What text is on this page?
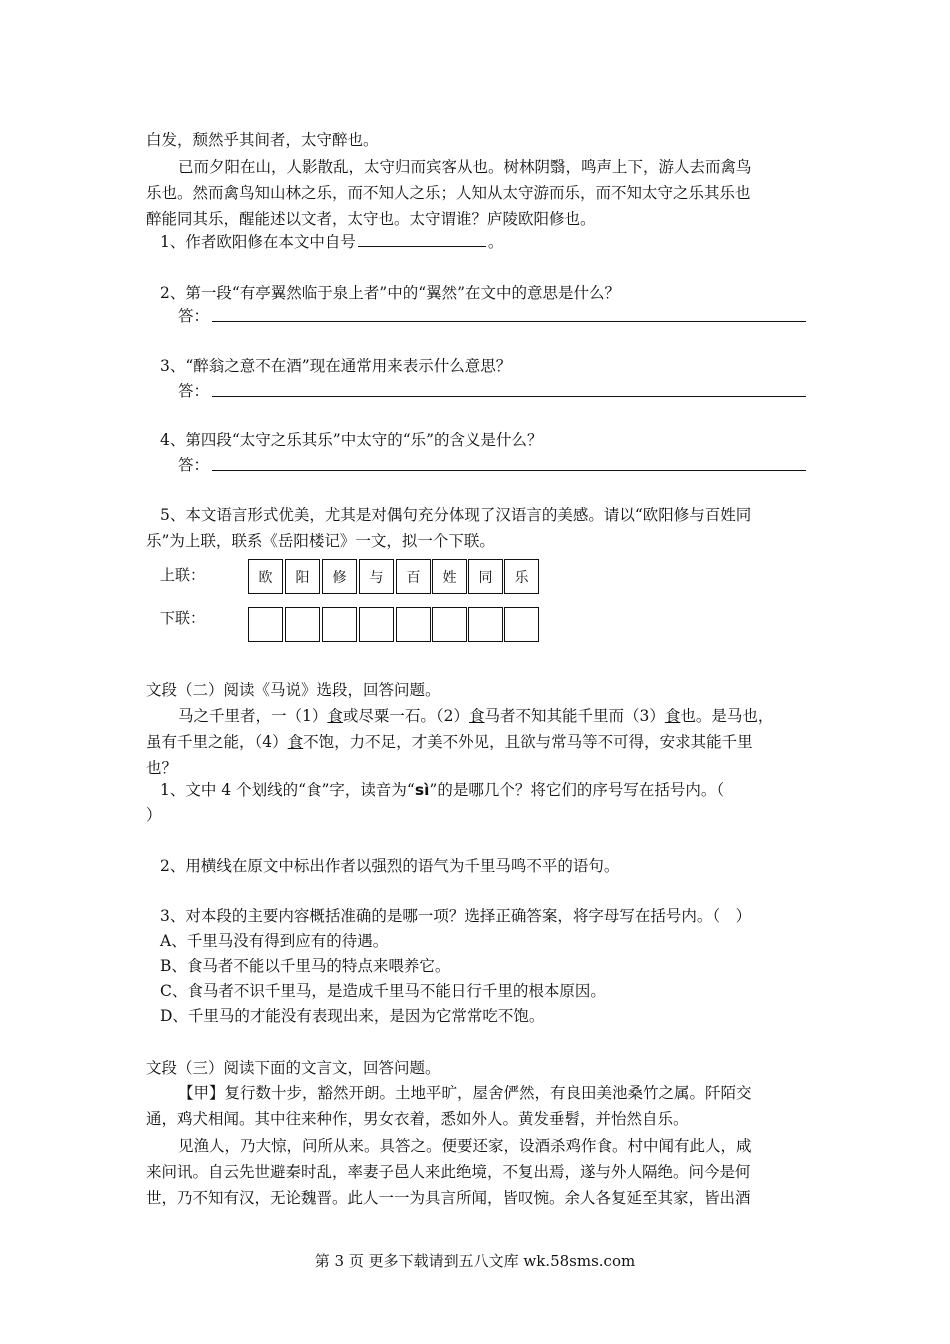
白发，颓然乎其间者，太守醉也。
已而夕阳在山，人影散乱，太守归而宾客从也。树林阴翳，鸣声上下，游人去而禽鸟
乐也。然而禽鸟知山林之乐，而不知人之乐；人知从太守游而乐，而不知太守之乐其乐也
醉能同其乐，醒能述以文者，太守也。太守谓谁？庐陵欧阳修也。
1、作者欧阳修在本文中自号	。
2、第一段“有亭翼然临于泉上者”中的“翼然”在文中的意思是什么？
答：
3、“醉翁之意不在酒”现在通常用来表示什么意思？
答：
4、第四段“太守之乐其乐”中太守的“乐”的含义是什么？
答：
5、本文语言形式优美，尤其是对偶句充分体现了汉语言的美感。请以“欧阳修与百姓同
乐”为上联，联系《岳阳楼记》一文，拟一个下联。
上联：
下联：
欧	阳	修	与	百	姓	同	乐
文段（二）阅读《马说》选段，回答问题。
马之千里者，一（1）食或尽粟一石。（2）食马者不知其能千里而（3）食也。是马也，
虽有千里之能，（4）食不饱，力不足，才美不外见，且欲与常马等不可得，安求其能千里
也？
1、文中 4 个划线的“食”字，读音为“sì”的是哪几个？将它们的序号写在括号内。（
）
2、用横线在原文中标出作者以强烈的语气为千里马鸣不平的语句。
3、对本段的主要内容概括准确的是哪一项？选择正确答案，将字母写在括号内。（　）
A、千里马没有得到应有的待遇。
B、食马者不能以千里马的特点来喂养它。
C、食马者不识千里马，是造成千里马不能日行千里的根本原因。
D、千里马的才能没有表现出来，是因为它常常吃不饱。
文段（三）阅读下面的文言文，回答问题。
【甲】复行数十步，豁然开朗。土地平旷，屋舍俨然，有良田美池桑竹之属。阡陌交
通，鸡犬相闻。其中往来种作，男女衣着，悉如外人。黄发垂髫，并怡然自乐。
见渔人，乃大惊，问所从来。具答之。便要还家，设酒杀鸡作食。村中闻有此人，咸
来问讯。自云先世避秦时乱，率妻子邑人来此绝境，不复出焉，遂与外人隔绝。问今是何
世，乃不知有汉，无论魏晋。此人一一为具言所闻，皆叹惋。余人各复延至其家，皆出酒
第 3 页 更多下载请到五八文库 wk.58sms.com
